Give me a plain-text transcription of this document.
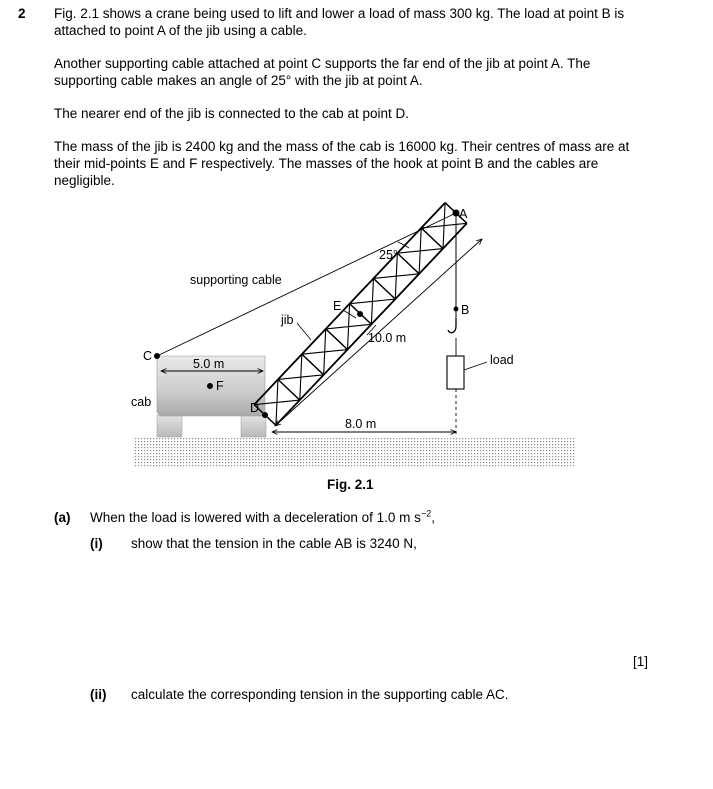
2 Fig. 2.1 shows a crane being used to lift and lower a load of mass 300 kg. The load at point B is attached to point A of the jib using a cable.

Another supporting cable attached at point C supports the far end of the jib at point A. The supporting cable makes an angle of 25° with the jib at point A.

The nearer end of the jib is connected to the cab at point D.

The mass of the jib is 2400 kg and the mass of the cab is 16000 kg. Their centres of mass are at their mid-points E and F respectively. The masses of the hook at point B and the cables are negligible.

A
B
C
D
E
F
25°
supporting cable
jib
cab
load
10.0 m
8.0 m
5.0 m
Fig. 2.1
(a) When the load is lowered with a deceleration of 1.0 m $s^{-2}$,
(i) show that the tension in the cable AB is 3240 N,
[1]
(ii) calculate the corresponding tension in the supporting cable AC.
